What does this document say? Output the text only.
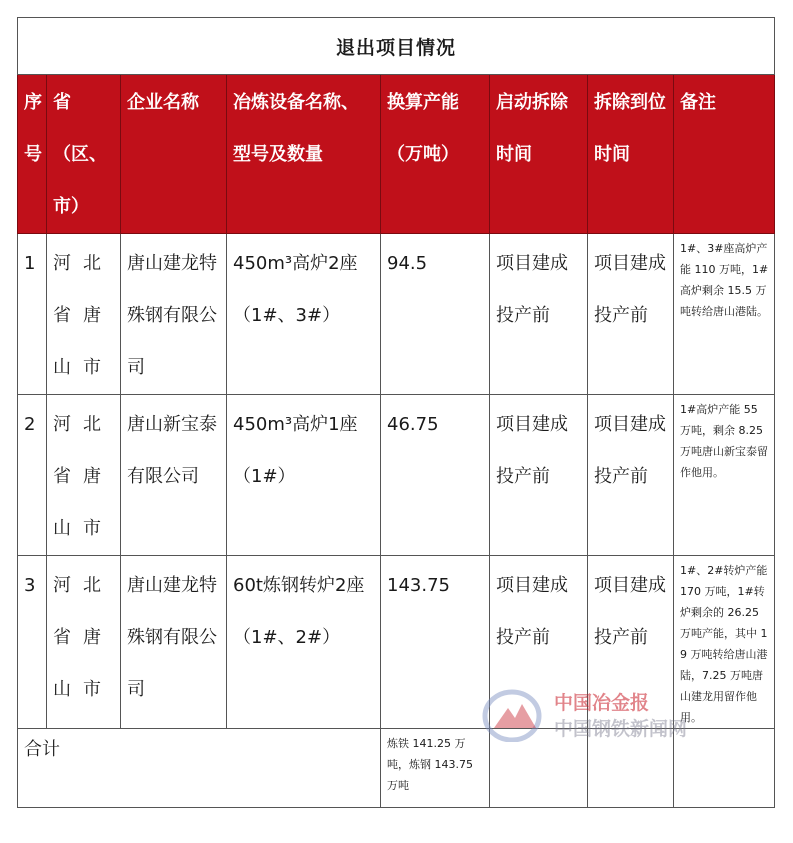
退出项目情况							

序号	省（区、市）	企业名称	冶炼设备名称、型号及数量	换算产能（万吨）	启动拆除时间	拆除到位时间	备注

1	河北省唐山市	唐山建龙特殊钢有限公司	450m³高炉2座（1#、3#）	94.5	项目建成投产前	项目建成投产前	1#、3#座高炉产能 110 万吨，1#高炉剩余 15.5 万吨转给唐山港陆。
2	河北省唐山市	唐山新宝泰有限公司	450m³高炉1座（1#）	46.75	项目建成投产前	项目建成投产前	1#高炉产能 55 万吨，剩余 8.25 万吨唐山新宝泰留作他用。
3	河北省唐山市	唐山建龙特殊钢有限公司	60t炼钢转炉2座（1#、2#）	143.75	项目建成投产前	项目建成投产前	1#、2#转炉产能 170 万吨，1#转炉剩余的 26.25 万吨产能，其中 19 万吨转给唐山港陆，7.25 万吨唐山建龙用留作他用。
合计				炼铁 141.25 万吨，炼钢 143.75 万吨			
中国冶金报
中国钢铁新闻网
